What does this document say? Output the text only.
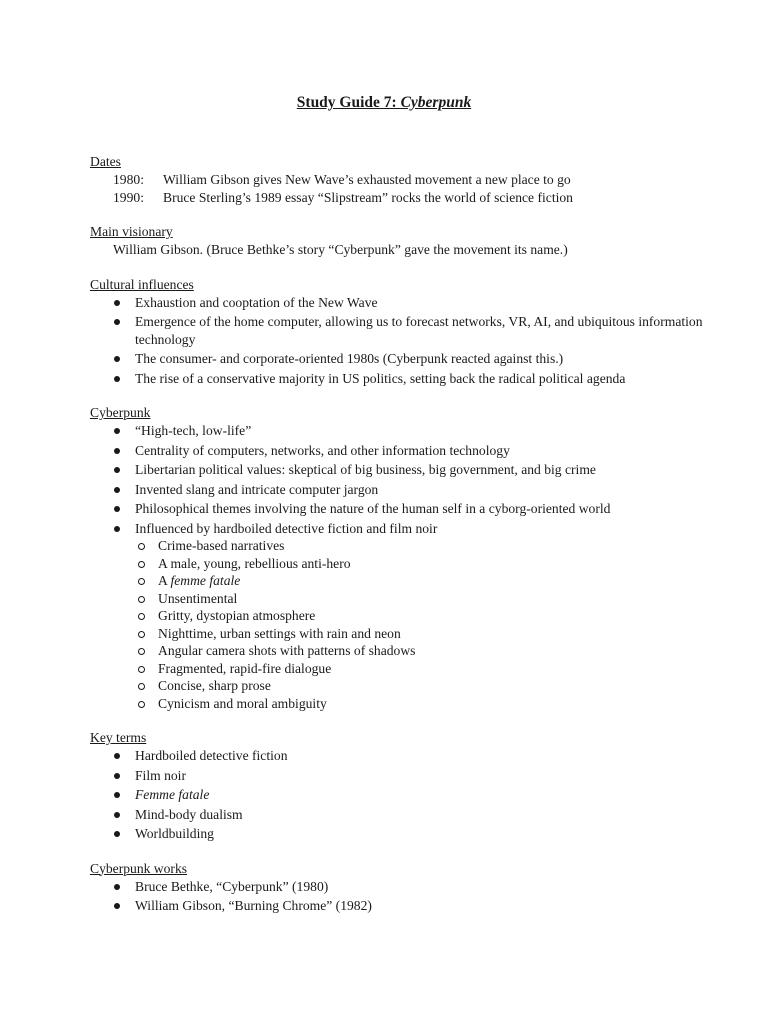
Study Guide 7: Cyberpunk
Dates
1980: William Gibson gives New Wave’s exhausted movement a new place to go
1990: Bruce Sterling’s 1989 essay “Slipstream” rocks the world of science fiction
Main visionary
William Gibson. (Bruce Bethke’s story “Cyberpunk” gave the movement its name.)
Cultural influences
Exhaustion and cooptation of the New Wave
Emergence of the home computer, allowing us to forecast networks, VR, AI, and ubiquitous information technology
The consumer- and corporate-oriented 1980s (Cyberpunk reacted against this.)
The rise of a conservative majority in US politics, setting back the radical political agenda
Cyberpunk
“High-tech, low-life”
Centrality of computers, networks, and other information technology
Libertarian political values: skeptical of big business, big government, and big crime
Invented slang and intricate computer jargon
Philosophical themes involving the nature of the human self in a cyborg-oriented world
Influenced by hardboiled detective fiction and film noir
Crime-based narratives
A male, young, rebellious anti-hero
A femme fatale
Unsentimental
Gritty, dystopian atmosphere
Nighttime, urban settings with rain and neon
Angular camera shots with patterns of shadows
Fragmented, rapid-fire dialogue
Concise, sharp prose
Cynicism and moral ambiguity
Key terms
Hardboiled detective fiction
Film noir
Femme fatale
Mind-body dualism
Worldbuilding
Cyberpunk works
Bruce Bethke, “Cyberpunk” (1980)
William Gibson, “Burning Chrome” (1982)
